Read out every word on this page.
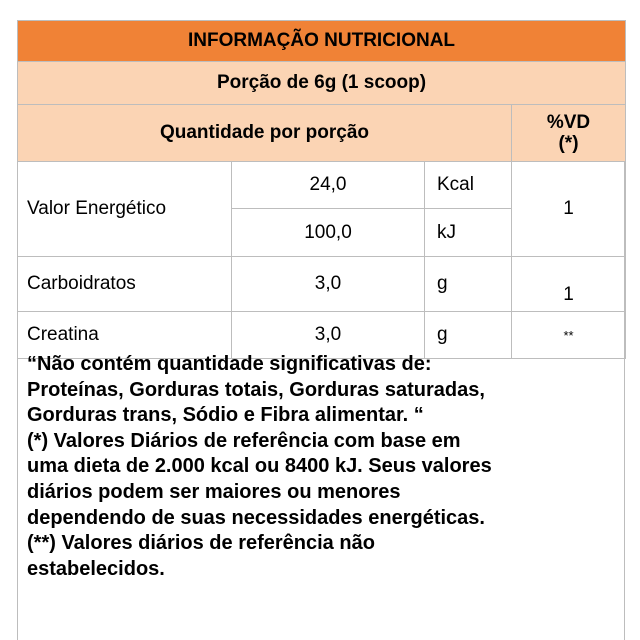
INFORMAÇÃO NUTRICIONAL			
Porção de 6g (1 scoop)			
Quantidade por porção			%VD
(*)
Valor Energético	24,0	Kcal	1
	100,0	kJ	
Carboidratos	3,0	g	1
Creatina	3,0	g	**
“Não contém quantidade significativas de:
Proteínas, Gorduras totais, Gorduras saturadas,
Gorduras trans, Sódio e Fibra alimentar. “
(*) Valores Diários de referência com base em
uma dieta de 2.000 kcal ou 8400 kJ. Seus valores
diários podem ser maiores ou menores
dependendo de suas necessidades energéticas.
(**) Valores diários de referência não
estabelecidos.
